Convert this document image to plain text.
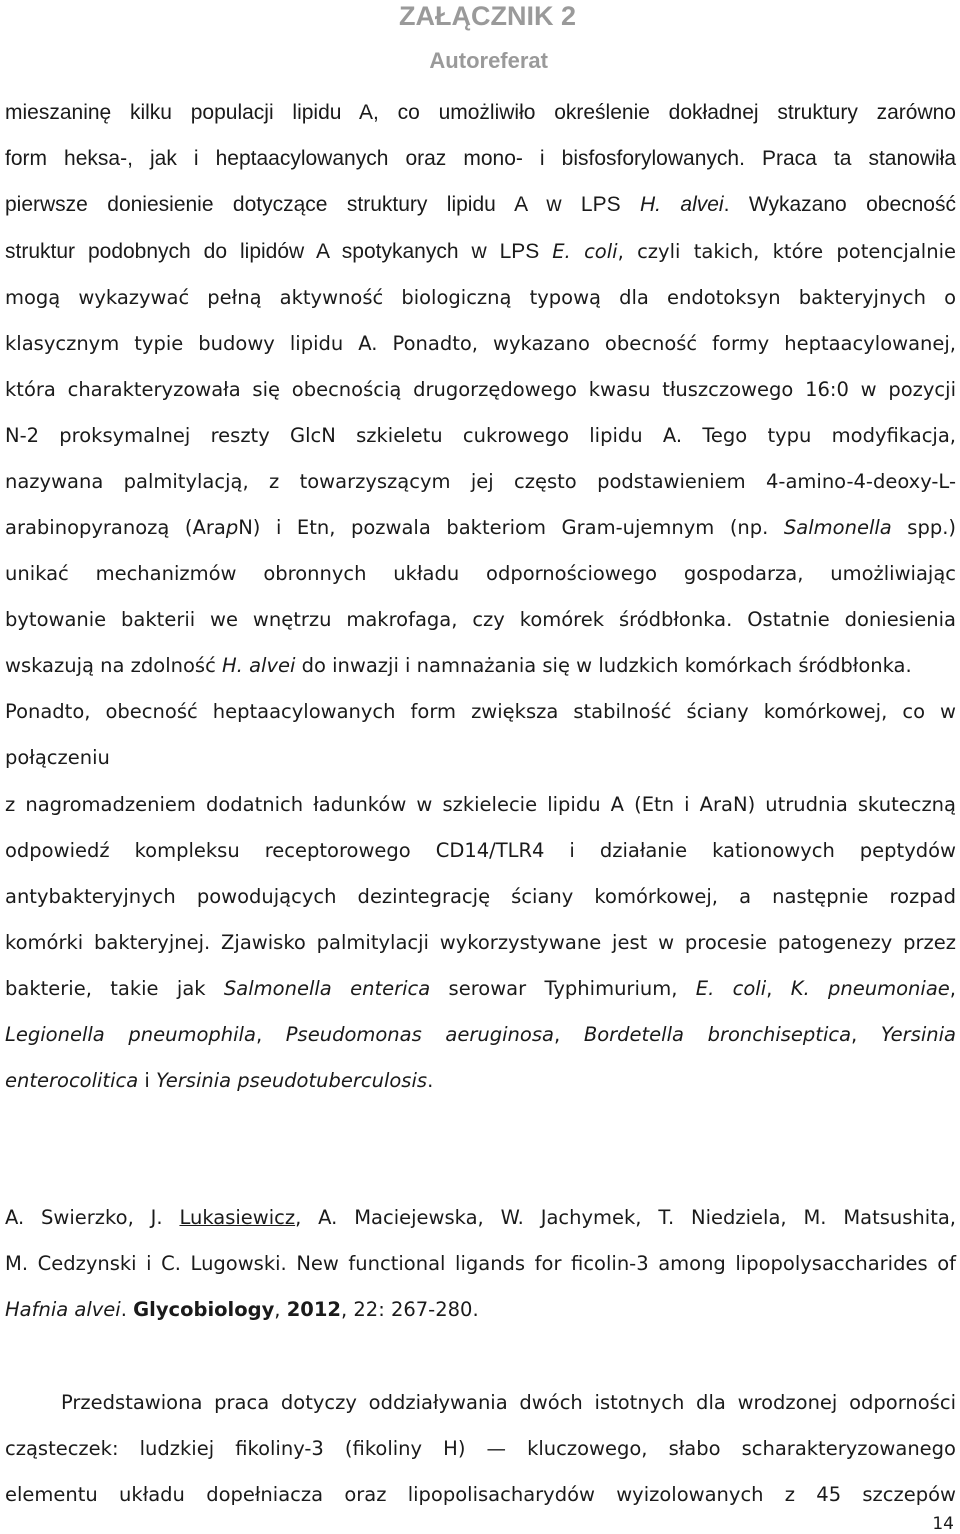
ZAŁĄCZNIK 2
Autoreferat
mieszaninę kilku populacji lipidu A, co umożliwiło określenie dokładnej struktury zarówno
form heksa-, jak i heptaacylowanych oraz mono- i bisfosforylowanych. Praca ta stanowiła
pierwsze doniesienie dotyczące struktury lipidu A w LPS H. alvei. Wykazano obecność
struktur podobnych do lipidów A spotykanych w LPS E. coli, czyli takich, które potencjalnie
mogą wykazywać pełną aktywność biologiczną typową dla endotoksyn bakteryjnych o
klasycznym typie budowy lipidu A. Ponadto, wykazano obecność formy heptaacylowanej,
która charakteryzowała się obecnością drugorzędowego kwasu tłuszczowego 16:0 w pozycji
N-2 proksymalnej reszty GlcN szkieletu cukrowego lipidu A. Tego typu modyfikacja,
nazywana palmitylacją, z towarzyszącym jej często podstawieniem 4-amino-4-deoxy-L-
arabinopyranozą (ArapN) i Etn, pozwala bakteriom Gram-ujemnym (np. Salmonella spp.)
unikać mechanizmów obronnych układu odpornościowego gospodarza, umożliwiając
bytowanie bakterii we wnętrzu makrofaga, czy komórek śródbłonka. Ostatnie doniesienia
wskazują na zdolność H. alvei do inwazji i namnażania się w ludzkich komórkach śródbłonka.
Ponadto, obecność heptaacylowanych form zwiększa stabilność ściany komórkowej, co w
połączeniu
z nagromadzeniem dodatnich ładunków w szkielecie lipidu A (Etn i AraN) utrudnia skuteczną
odpowiedź kompleksu receptorowego CD14/TLR4 i działanie kationowych peptydów
antybakteryjnych powodujących dezintegrację ściany komórkowej, a następnie rozpad
komórki bakteryjnej. Zjawisko palmitylacji wykorzystywane jest w procesie patogenezy przez
bakterie, takie jak Salmonella enterica serowar Typhimurium, E. coli, K. pneumoniae,
Legionella pneumophila, Pseudomonas aeruginosa, Bordetella bronchiseptica, Yersinia
enterocolitica i Yersinia pseudotuberculosis.
A. Swierzko, J. Lukasiewicz, A. Maciejewska, W. Jachymek, T. Niedziela, M. Matsushita,
M. Cedzynski i C. Lugowski. New functional ligands for ficolin-3 among lipopolysaccharides of
Hafnia alvei. Glycobiology, 2012, 22: 267-280.
Przedstawiona praca dotyczy oddziaływania dwóch istotnych dla wrodzonej odporności
cząsteczek: ludzkiej fikoliny-3 (fikoliny H) — kluczowego, słabo scharakteryzowanego
elementu układu dopełniacza oraz lipopolisacharydów wyizolowanych z 45 szczepów
14
